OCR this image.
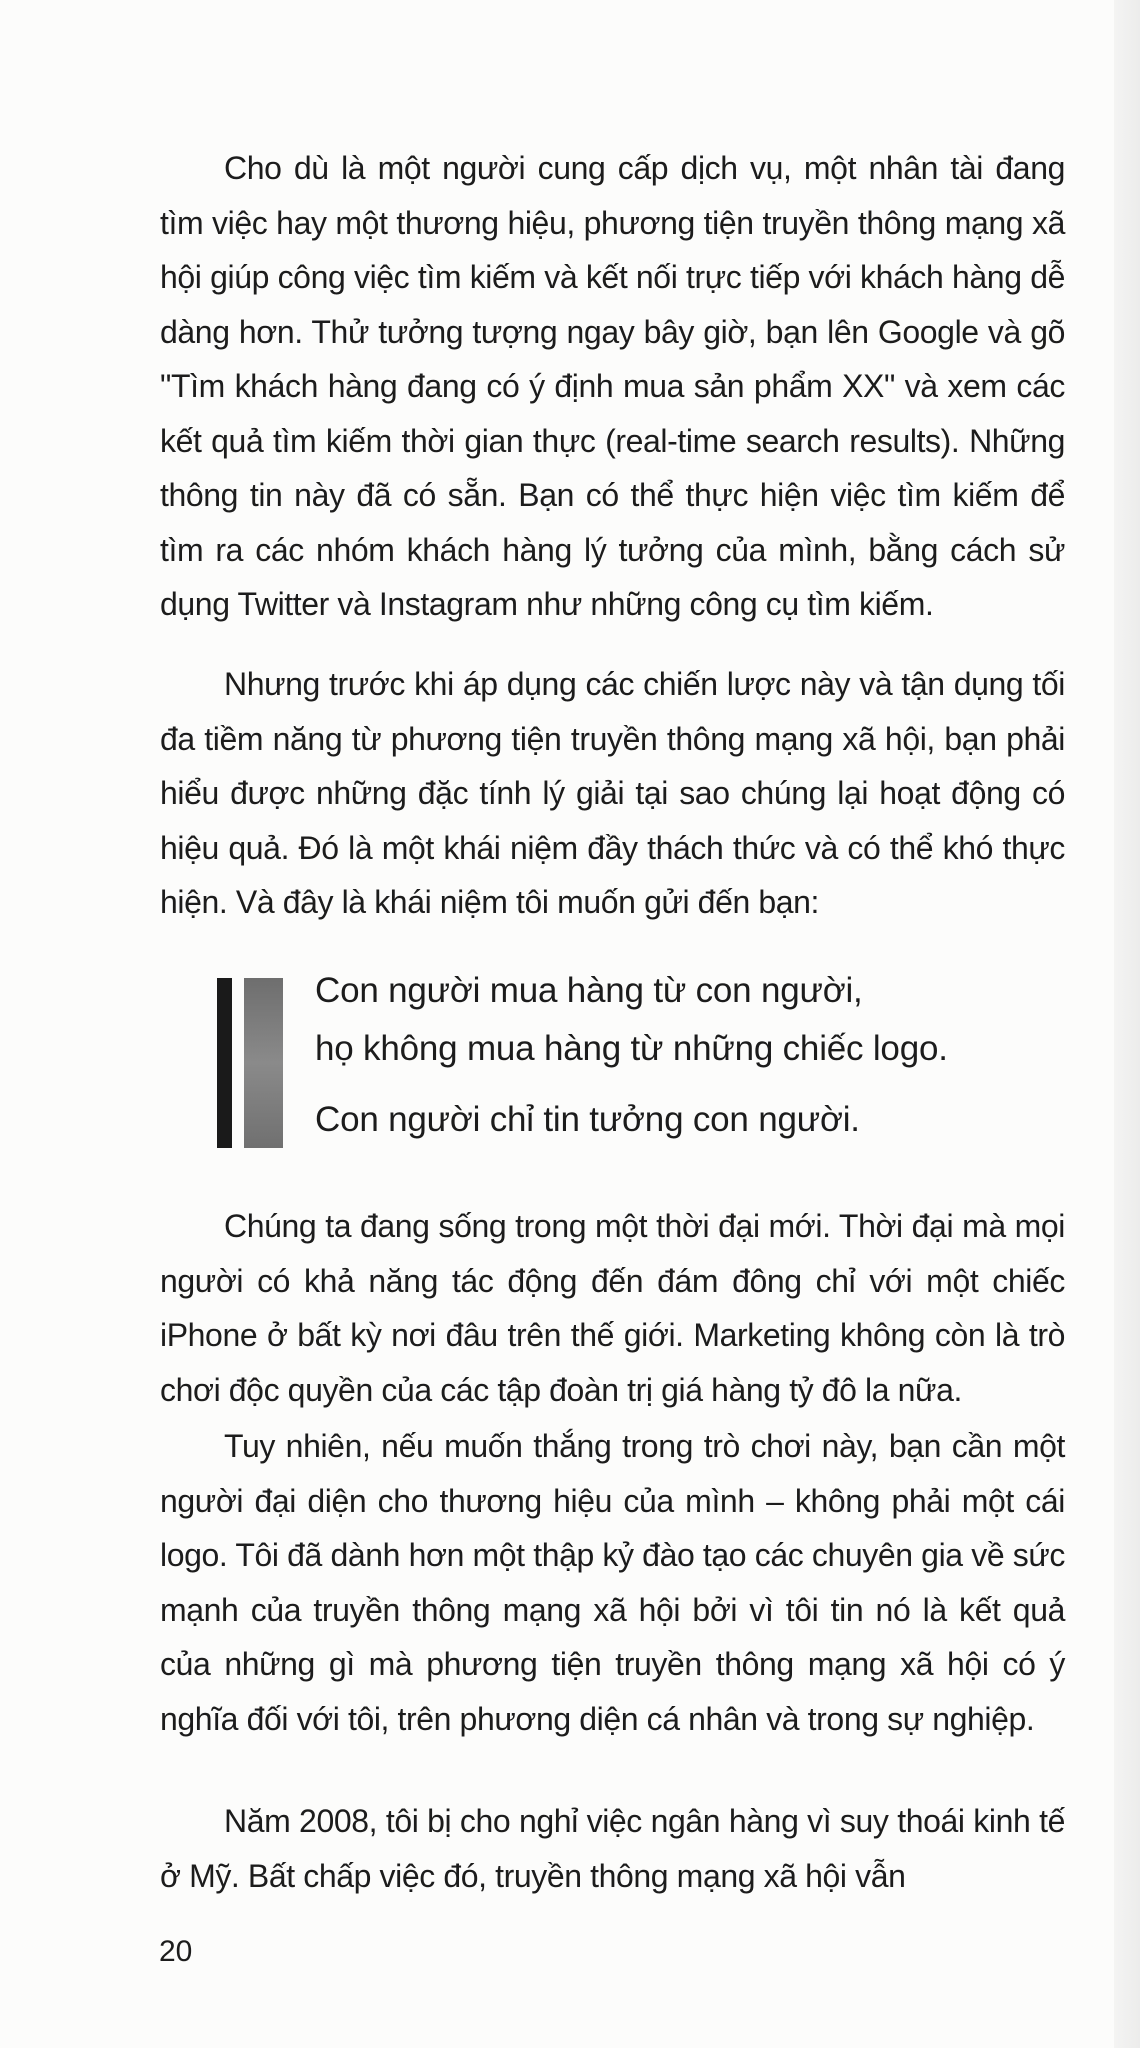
Cho dù là một người cung cấp dịch vụ, một nhân tài đang tìm việc hay một thương hiệu, phương tiện truyền thông mạng xã hội giúp công việc tìm kiếm và kết nối trực tiếp với khách hàng dễ dàng hơn. Thử tưởng tượng ngay bây giờ, bạn lên Google và gõ "Tìm khách hàng đang có ý định mua sản phẩm XX" và xem các kết quả tìm kiếm thời gian thực (real-time search results). Những thông tin này đã có sẵn. Bạn có thể thực hiện việc tìm kiếm để tìm ra các nhóm khách hàng lý tưởng của mình, bằng cách sử dụng Twitter và Instagram như những công cụ tìm kiếm.

Nhưng trước khi áp dụng các chiến lược này và tận dụng tối đa tiềm năng từ phương tiện truyền thông mạng xã hội, bạn phải hiểu được những đặc tính lý giải tại sao chúng lại hoạt động có hiệu quả. Đó là một khái niệm đầy thách thức và có thể khó thực hiện. Và đây là khái niệm tôi muốn gửi đến bạn:

Con người mua hàng từ con người,

họ không mua hàng từ những chiếc logo.

Con người chỉ tin tưởng con người.

Chúng ta đang sống trong một thời đại mới. Thời đại mà mọi người có khả năng tác động đến đám đông chỉ với một chiếc iPhone ở bất kỳ nơi đâu trên thế giới. Marketing không còn là trò chơi độc quyền của các tập đoàn trị giá hàng tỷ đô la nữa.

Tuy nhiên, nếu muốn thắng trong trò chơi này, bạn cần một người đại diện cho thương hiệu của mình – không phải một cái logo. Tôi đã dành hơn một thập kỷ đào tạo các chuyên gia về sức mạnh của truyền thông mạng xã hội bởi vì tôi tin nó là kết quả của những gì mà phương tiện truyền thông mạng xã hội có ý nghĩa đối với tôi, trên phương diện cá nhân và trong sự nghiệp.

Năm 2008, tôi bị cho nghỉ việc ngân hàng vì suy thoái kinh tế ở Mỹ. Bất chấp việc đó, truyền thông mạng xã hội vẫn

20
